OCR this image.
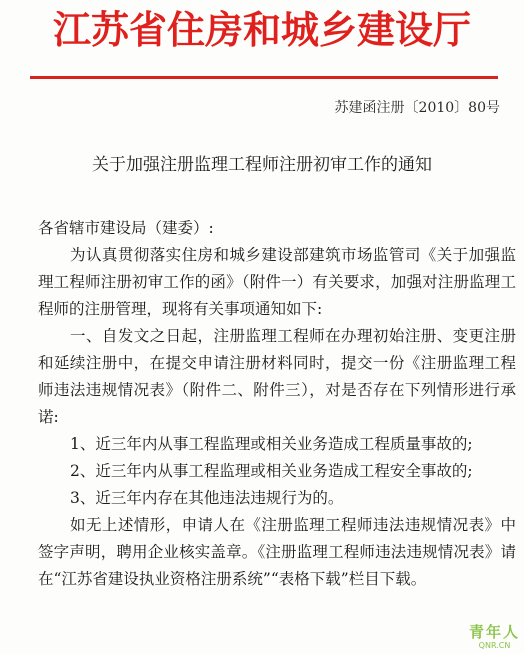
江苏省住房和城乡建设厅
苏建函注册〔2010〕80号
关于加强注册监理工程师注册初审工作的通知

各省辖市建设局（建委）:

为认真贯彻落实住房和城乡建设部建筑市场监管司《关于加强监理工程师注册初审工作的函》（附件一）有关要求，加强对注册监理工程师的注册管理，现将有关事项通知如下:

一、自发文之日起，注册监理工程师在办理初始注册、变更注册和延续注册中，在提交申请注册材料同时，提交一份《注册监理工程师违法违规情况表》（附件二、附件三），对是否存在下列情形进行承诺:

1、近三年内从事工程监理或相关业务造成工程质量事故的;

2、近三年内从事工程监理或相关业务造成工程安全事故的;

3、近三年内存在其他违法违规行为的。

如无上述情形，申请人在《注册监理工程师违法违规情况表》中签字声明，聘用企业核实盖章。《注册监理工程师违法违规情况表》请在“江苏省建设执业资格注册系统”“表格下载”栏目下载。

青年人
QNR.CN
